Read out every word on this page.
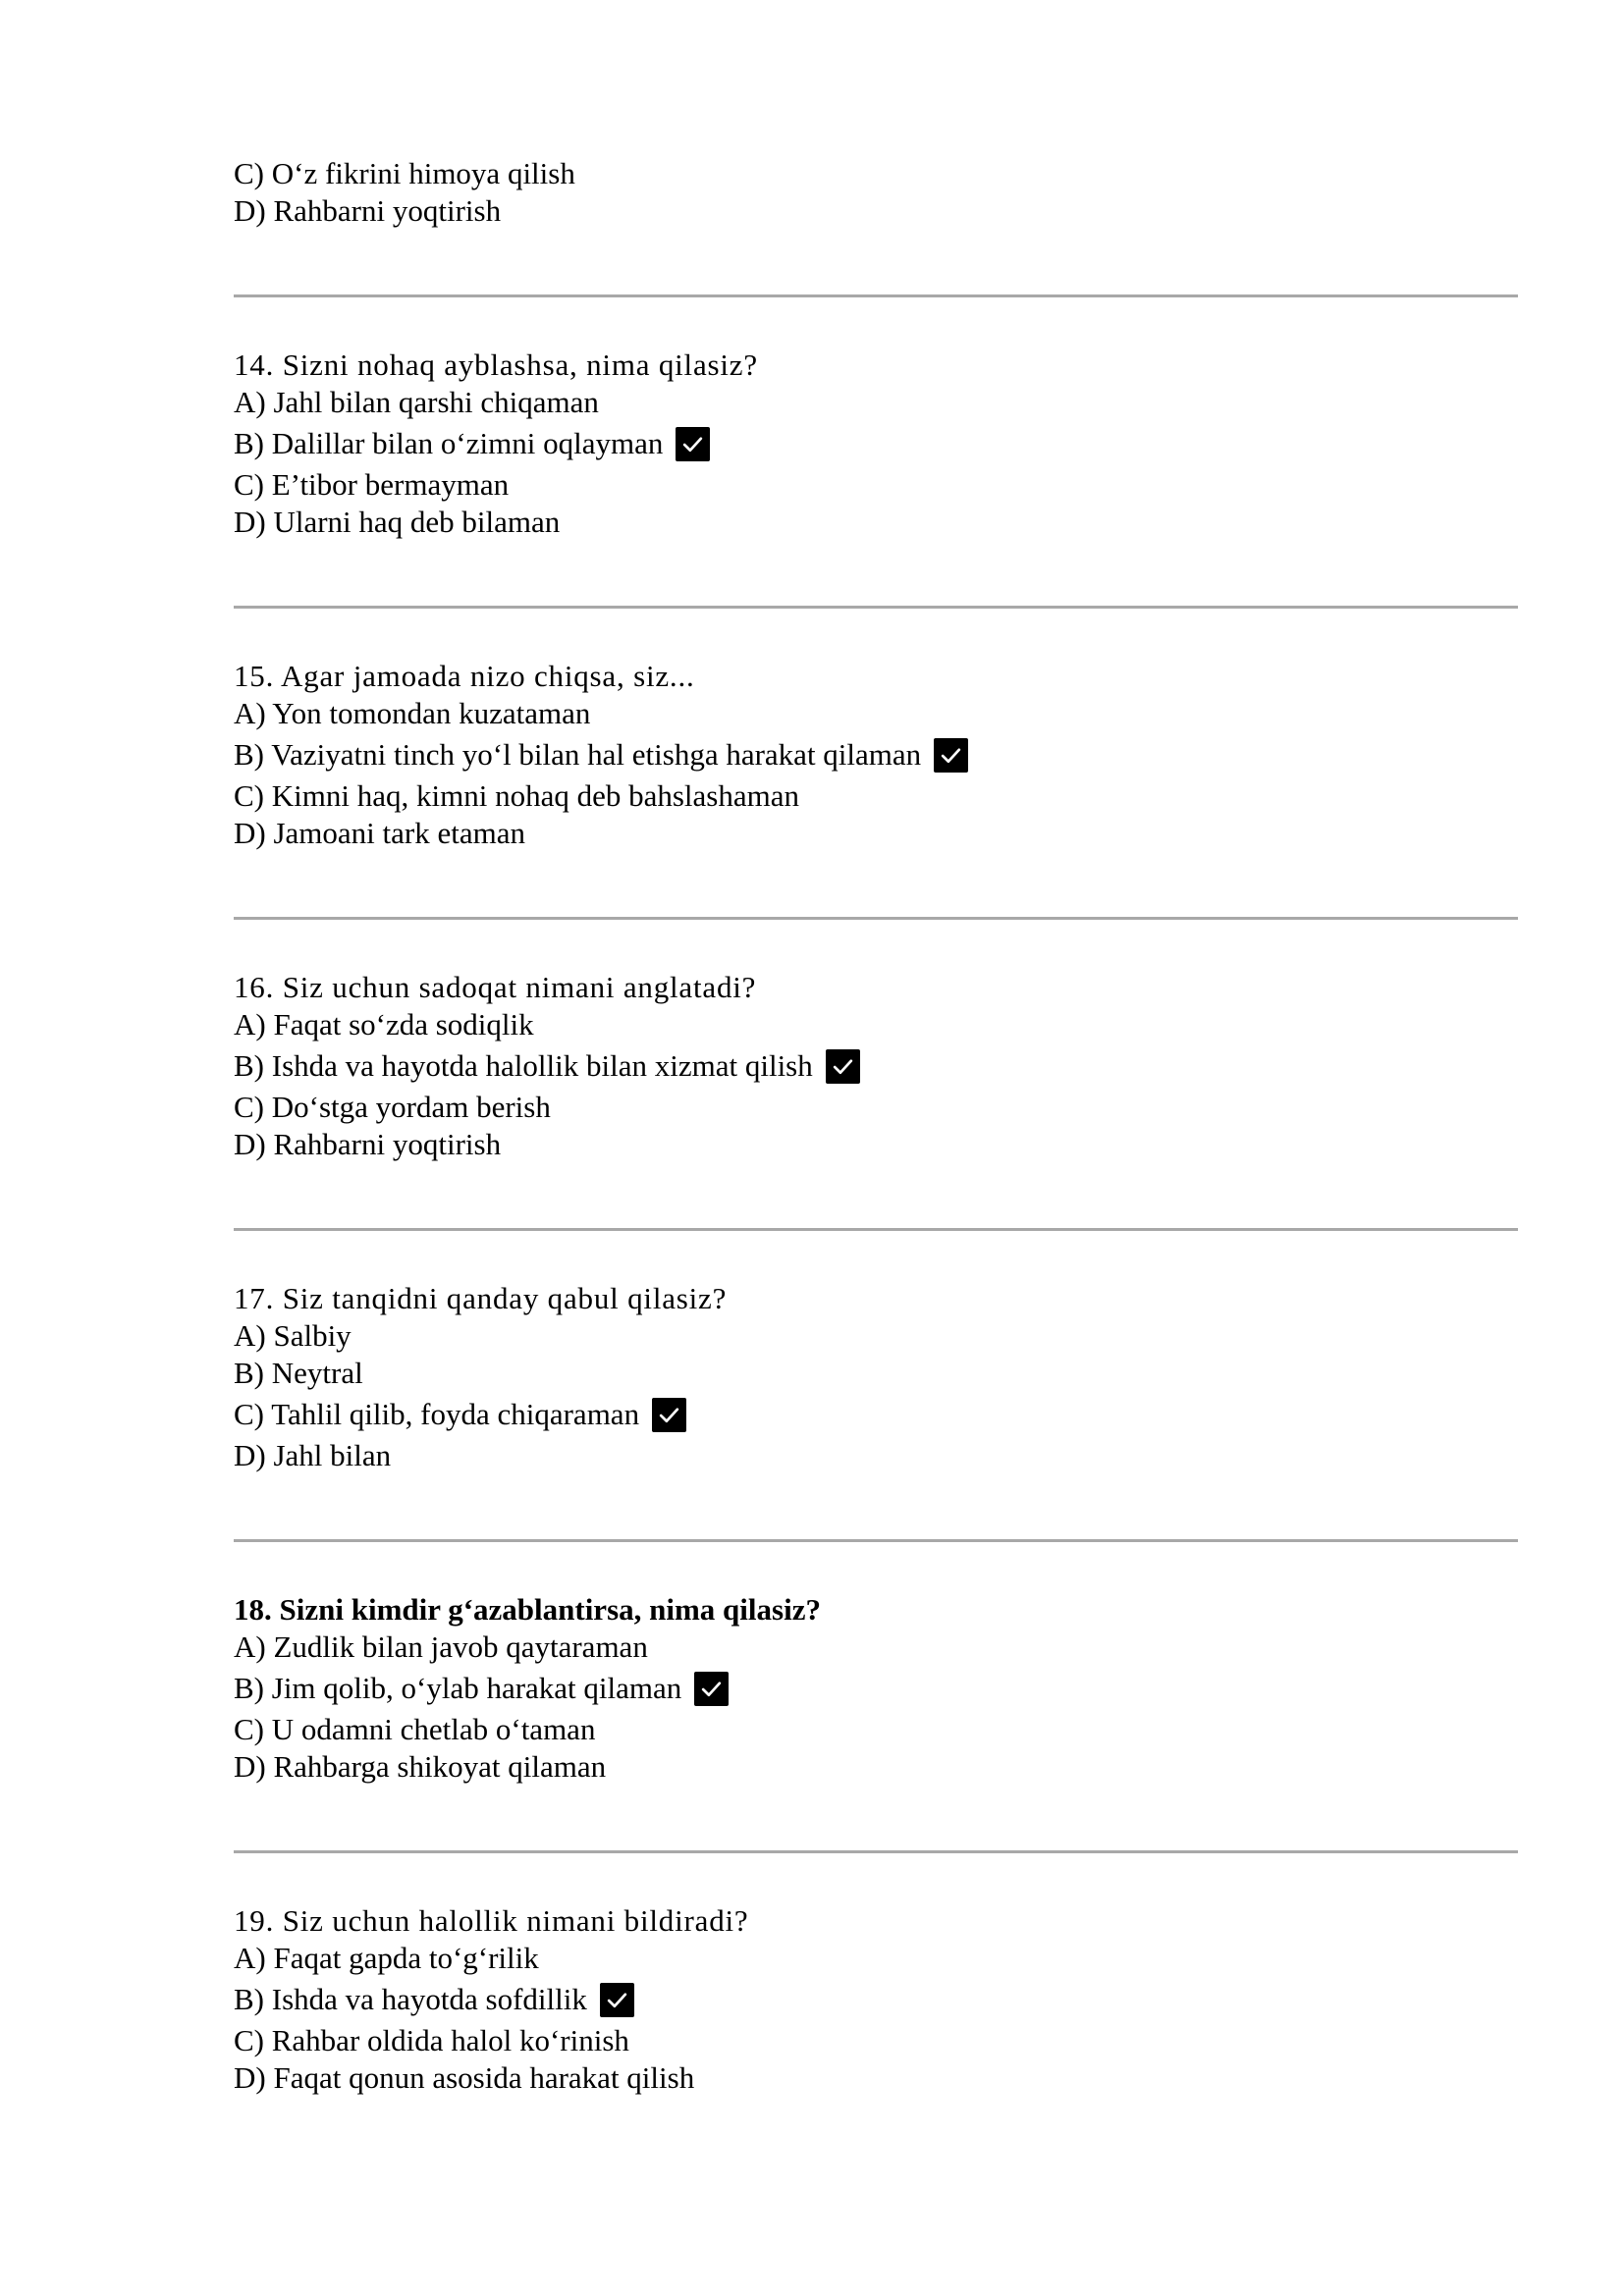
C) O‘z fikrini himoya qilish
D) Rahbarni yoqtirish
14. Sizni nohaq ayblashsa, nima qilasiz?
A) Jahl bilan qarshi chiqaman
B) Dalillar bilan o‘zimni oqlayman
C) E’tibor bermayman
D) Ularni haq deb bilaman
15. Agar jamoada nizo chiqsa, siz...
A) Yon tomondan kuzataman
B) Vaziyatni tinch yo‘l bilan hal etishga harakat qilaman
C) Kimni haq, kimni nohaq deb bahslashaman
D) Jamoani tark etaman
16. Siz uchun sadoqat nimani anglatadi?
A) Faqat so‘zda sodiqlik
B) Ishda va hayotda halollik bilan xizmat qilish
C) Do‘stga yordam berish
D) Rahbarni yoqtirish
17. Siz tanqidni qanday qabul qilasiz?
A) Salbiy
B) Neytral
C) Tahlil qilib, foyda chiqaraman
D) Jahl bilan
18. Sizni kimdir g‘azablantirsa, nima qilasiz?
A) Zudlik bilan javob qaytaraman
B) Jim qolib, o‘ylab harakat qilaman
C) U odamni chetlab o‘taman
D) Rahbarga shikoyat qilaman
19. Siz uchun halollik nimani bildiradi?
A) Faqat gapda to‘g‘rilik
B) Ishda va hayotda sofdillik
C) Rahbar oldida halol ko‘rinish
D) Faqat qonun asosida harakat qilish
